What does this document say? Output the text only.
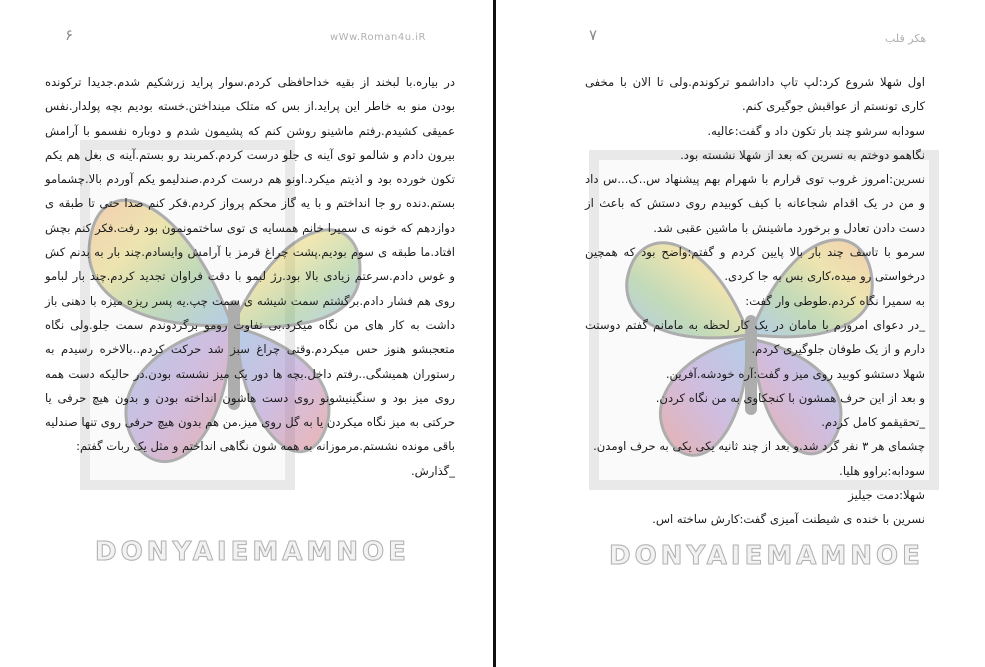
۶	wWw.Roman4u.iR

در بیاره.با لبخند از بقیه خداحافظی کردم.سوار پراید زرشکیم شدم.جدیدا ترکونده بودن منو به خاطر این پراید.از بس که متلک مینداختن.خسته بودیم بچه پولدار.نفس عمیقی کشیدم.رفتم ماشینو روشن کنم که پشیمون شدم و دوباره نفسمو با آرامش بیرون دادم و شالمو توی آینه ی جلو درست کردم.کمربند رو بستم.آینه ی بغل هم یکم تکون خورده بود و اذیتم میکرد.اونو هم درست کردم.صندلیمو یکم آوردم بالا.چشمامو بستم.دنده رو جا انداختم و با یه گاز محکم پرواز کردم.فکر کنم صدا حتی تا طبقه ی دوازدهم که خونه ی سمیرا خانم همسایه ی توی ساختمونمون بود رفت.فکر کنم بچش افتاد.ما طبقه ی سوم بودیم.پشت چراغ قرمز با آرامش وایسادم.چند بار به بدنم کش و غوس دادم.سرعتم زیادی بالا بود.رژ لبمو با دقت فراوان تجدید کردم.چند بار لبامو روی هم فشار دادم.برگشتم سمت شیشه ی سمت چپ.یه پسر ریزه میزه با دهنی باز داشت به کار های من نگاه میکرد.بی تفاوت رومو برگردوندم سمت جلو.ولی نگاه متعجبشو هنوز حس میکردم.وقتی چراغ سبز شد حرکت کردم..بالاخره رسیدم به رستوران همیشگی..رفتم داخل.بچه ها دور یک میز نشسته بودن.در حالیکه دست همه روی میز بود و سنگینیشونو روی دست هاشون انداخته بودن و بدون هیچ حرفی یا حرکتی به میز نگاه میکردن یا به گل روی میز.من هم بدون هیچ حرفی روی تنها صندلیه باقی مونده نشستم.مرموزانه به همه شون نگاهی انداختم و مثل یک ربات گفتم:

_گذارش.

DONYAIEMAMNOE
۷	هکر قلب

اول شهلا شروع کرد:لپ تاپ داداشمو ترکوندم.ولی تا الان با مخفی کاری تونستم از عواقبش جوگیری کنم.

سودابه سرشو چند بار تکون داد و گفت:عالیه.

نگاهمو دوختم به نسرین که بعد از شهلا نشسته بود.

نسرین:امروز غروب توی قرارم با شهرام بهم پیشنهاد س..ک...س داد و من در یک اقدام شجاعانه با کیف کوبیدم روی دستش که باعث از دست دادن تعادل و برخورد ماشینش با ماشین عقبی شد.

سرمو با تاسف چند بار بالا پایین کردم و گفتم:واضح بود که همچین درخواستی رو میده،کاری بس به جا کردی.

به سمیرا نگاه کردم.طوطی وار گفت:

_در دعوای امروزم با مامان در یک کار لحظه به مامانم گفتم دوستت دارم و از یک طوفان جلوگیری کردم.

شهلا دستشو کوبید روی میز و گفت:آره خودشه.آفرین.

و بعد از این حرف همشون با کنجکاوی به من نگاه کردن.

_تحقیقمو کامل کردم.

چشمای هر ۳ نفر گرد شد.و بعد از چند ثانیه یکی یکی به حرف اومدن.

سودابه:براوو هلیا.

شهلا:دمت جیلیز

نسرین با خنده ی شیطنت آمیزی گفت:کارش ساخته اس.

DONYAIEMAMNOE
